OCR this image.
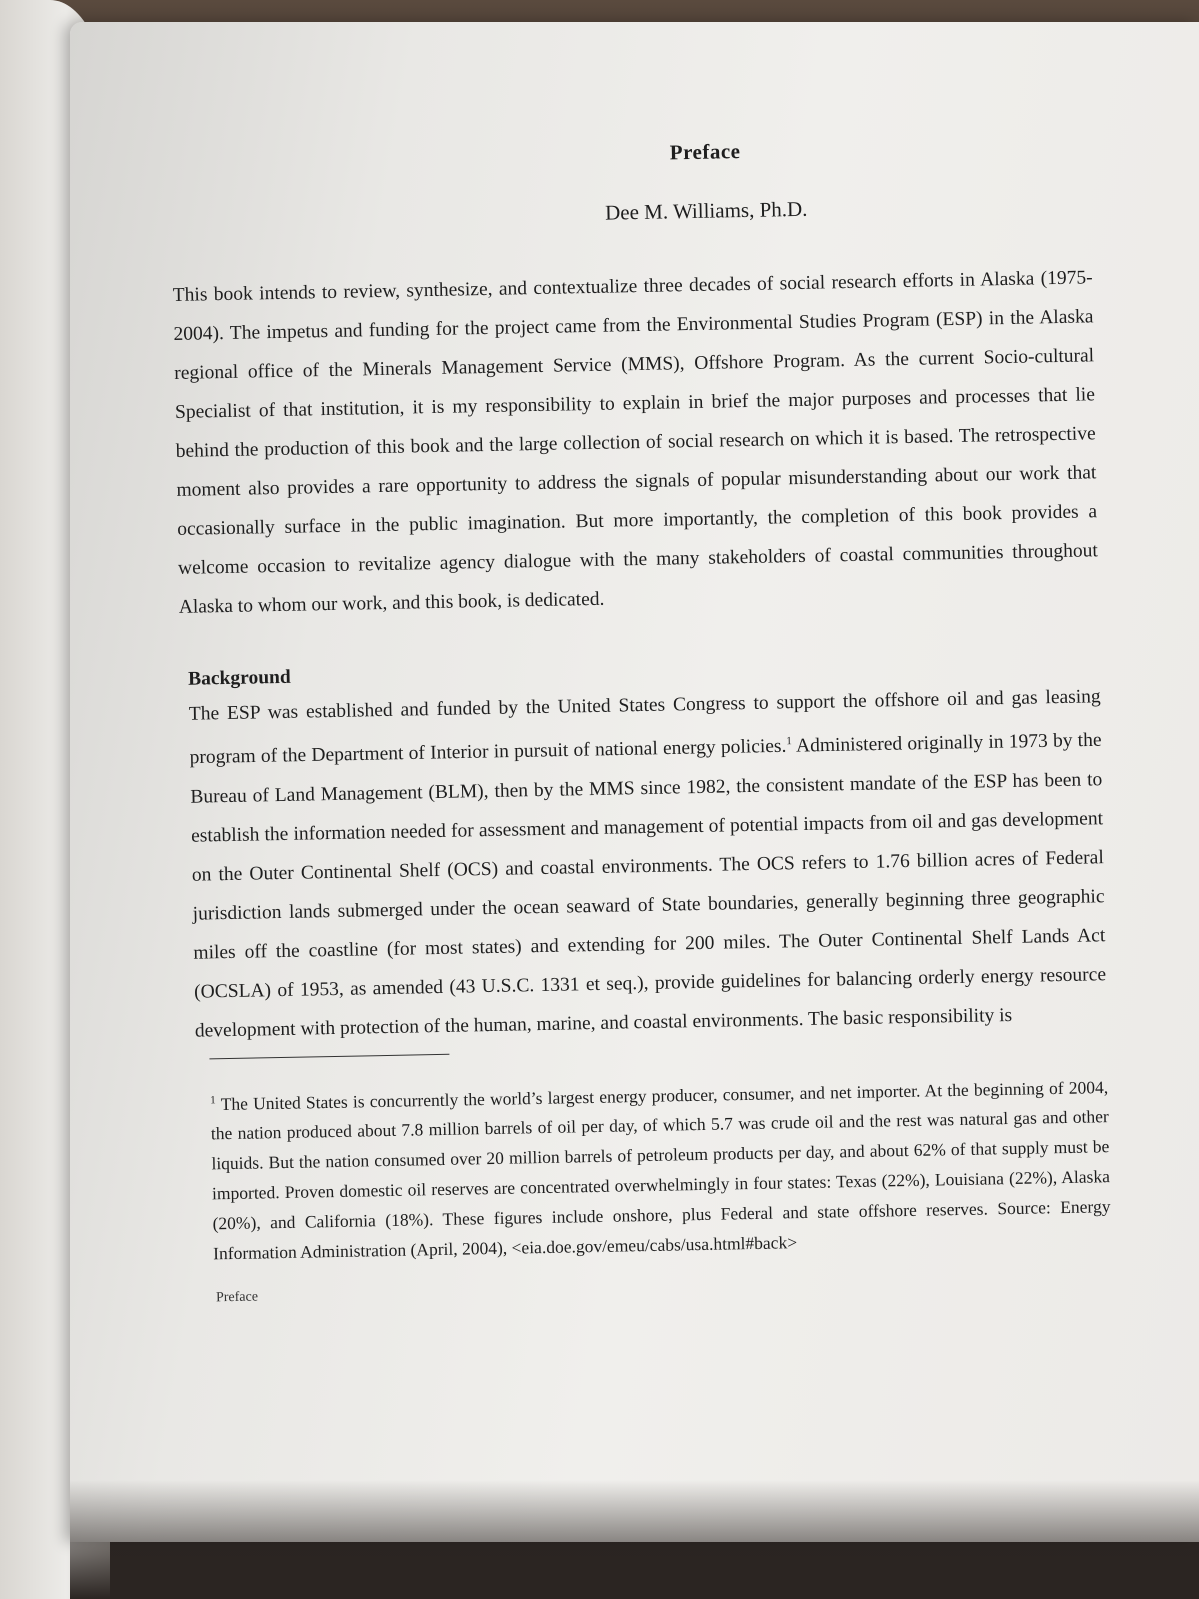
Preface
Dee M. Williams, Ph.D.

This book intends to review, synthesize, and contextualize three decades of social research efforts in Alaska (1975-2004). The impetus and funding for the project came from the Environmental Studies Program (ESP) in the Alaska regional office of the Minerals Management Service (MMS), Offshore Program. As the current Socio-cultural Specialist of that institution, it is my responsibility to explain in brief the major purposes and processes that lie behind the production of this book and the large collection of social research on which it is based. The retrospective moment also provides a rare opportunity to address the signals of popular misunderstanding about our work that occasionally surface in the public imagination. But more importantly, the completion of this book provides a welcome occasion to revitalize agency dialogue with the many stakeholders of coastal communities throughout Alaska to whom our work, and this book, is dedicated.

Background

The ESP was established and funded by the United States Congress to support the offshore oil and gas leasing program of the Department of Interior in pursuit of national energy policies.$^1$ Administered originally in 1973 by the Bureau of Land Management (BLM), then by the MMS since 1982, the consistent mandate of the ESP has been to establish the information needed for assessment and management of potential impacts from oil and gas development on the Outer Continental Shelf (OCS) and coastal environments. The OCS refers to 1.76 billion acres of Federal jurisdiction lands submerged under the ocean seaward of State boundaries, generally beginning three geographic miles off the coastline (for most states) and extending for 200 miles. The Outer Continental Shelf Lands Act (OCSLA) of 1953, as amended (43 U.S.C. 1331 et seq.), provide guidelines for balancing orderly energy resource development with protection of the human, marine, and coastal environments. The basic responsibility is

$^1$ The United States is concurrently the world’s largest energy producer, consumer, and net importer. At the beginning of 2004, the nation produced about 7.8 million barrels of oil per day, of which 5.7 was crude oil and the rest was natural gas and other liquids. But the nation consumed over 20 million barrels of petroleum products per day, and about 62% of that supply must be imported. Proven domestic oil reserves are concentrated overwhelmingly in four states: Texas (22%), Louisiana (22%), Alaska (20%), and California (18%). These figures include onshore, plus Federal and state offshore reserves. Source: Energy Information Administration (April, 2004), <eia.doe.gov/emeu/cabs/usa.html#back>

Preface
